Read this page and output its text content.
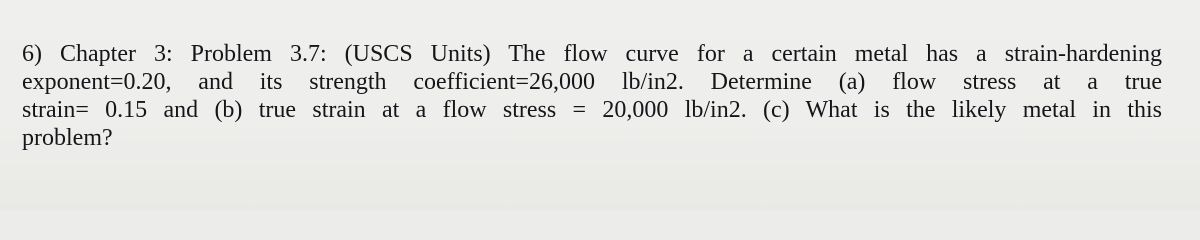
6) Chapter 3: Problem 3.7: (USCS Units) The flow curve for a certain metal has a strain-hardening
exponent=0.20, and its strength coefficient=26,000 lb/in2. Determine (a) flow stress at a true
strain= 0.15 and (b) true strain at a flow stress = 20,000 lb/in2. (c) What is the likely metal in this
problem?
